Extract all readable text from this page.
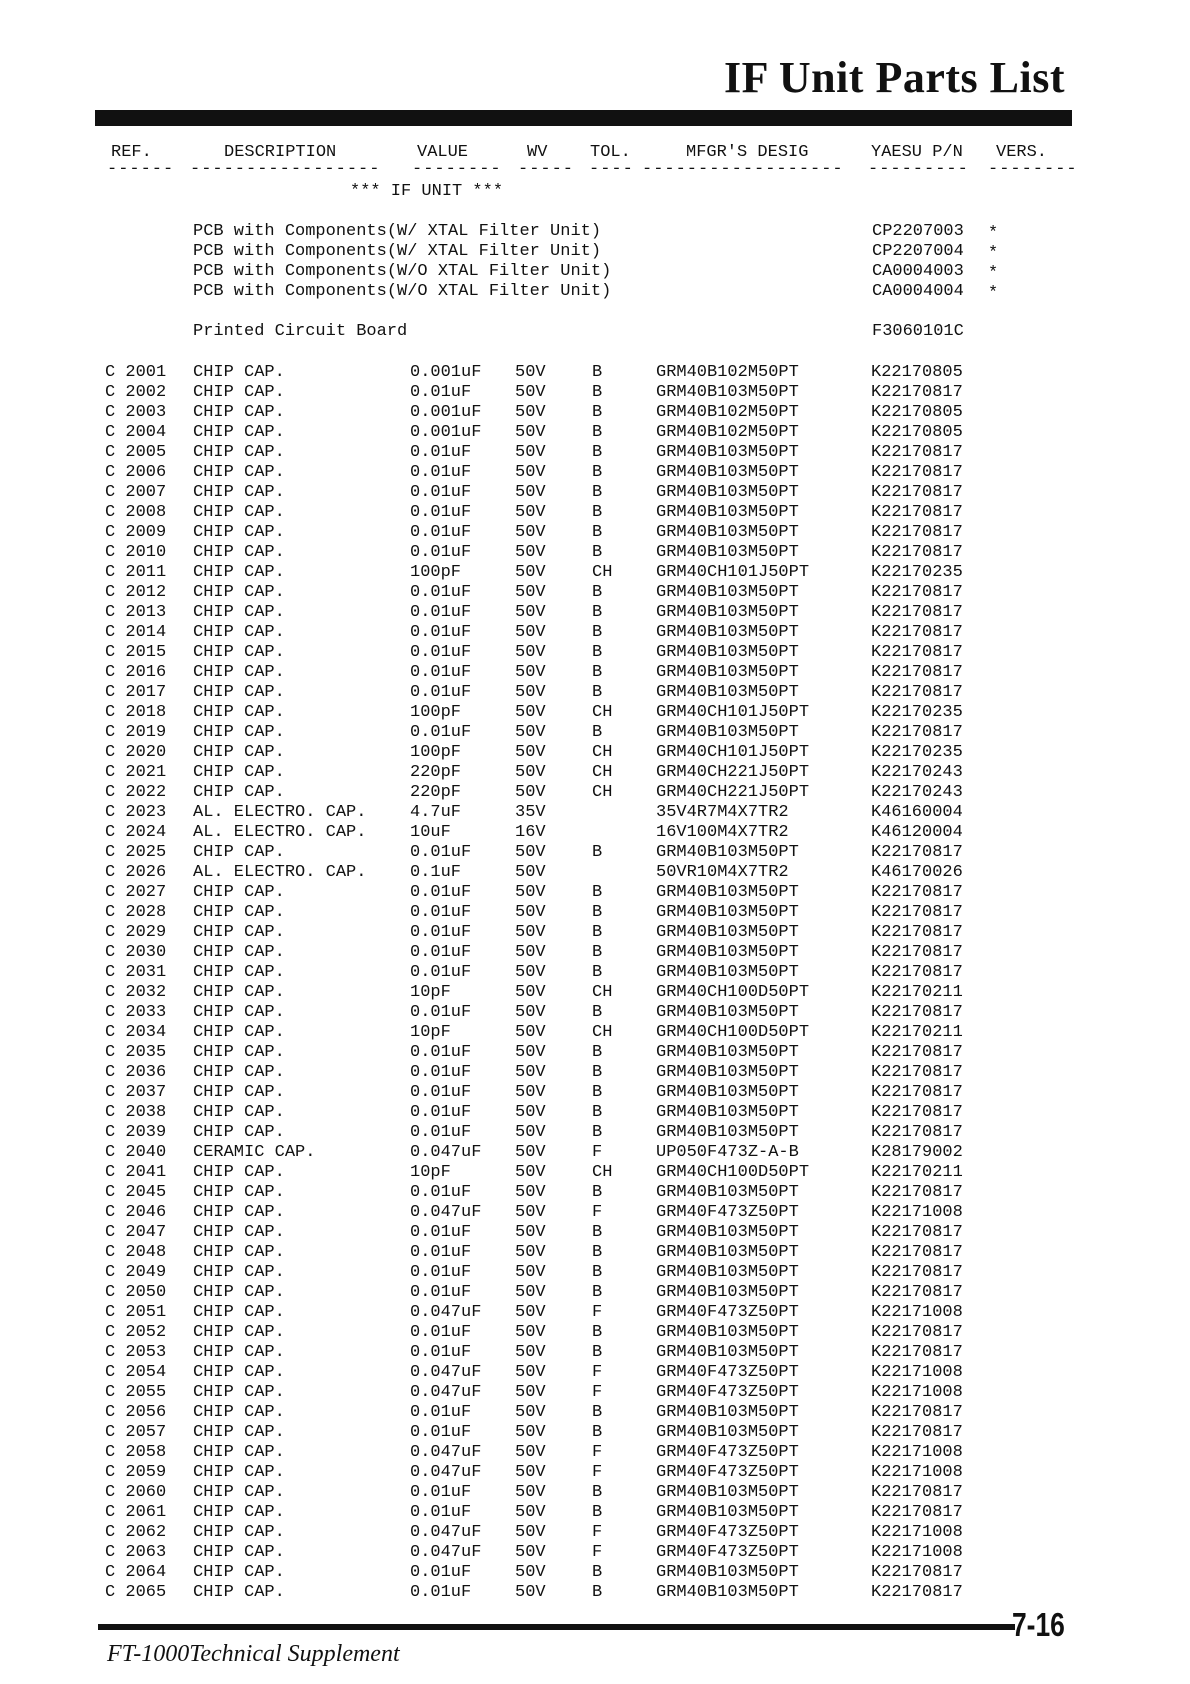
IF Unit Parts List
REF.	DESCRIPTION	VALUE	WV	TOL.	MFGR'S DESIG	YAESU P/N VERS.
------ ----------------- -------- ----- ---- ------------------ --------- --------
*** IF UNIT ***
PCB with Components(W/ XTAL Filter Unit)	CP2207003 *
PCB with Components(W/ XTAL Filter Unit)	CP2207004 *
PCB with Components(W/O XTAL Filter Unit)	CA0004003 *
PCB with Components(W/O XTAL Filter Unit)	CA0004004 *
Printed Circuit Board	F3060101C
C 2001 CHIP CAP.	0.001uF 50V	B	GRM40B102M50PT	K22170805
C 2002 CHIP CAP.	0.01uF	50V	B	GRM40B103M50PT	K22170817
C 2003 CHIP CAP.	0.001uF 50V	B	GRM40B102M50PT	K22170805
C 2004 CHIP CAP.	0.001uF 50V	B	GRM40B102M50PT	K22170805
C 2005 CHIP CAP.	0.01uF	50V	B	GRM40B103M50PT	K22170817
C 2006 CHIP CAP.	0.01uF	50V	B	GRM40B103M50PT	K22170817
C 2007 CHIP CAP.	0.01uF	50V	B	GRM40B103M50PT	K22170817
C 2008 CHIP CAP.	0.01uF	50V	B	GRM40B103M50PT	K22170817
C 2009 CHIP CAP.	0.01uF	50V	B	GRM40B103M50PT	K22170817
C 2010 CHIP CAP.	0.01uF	50V	B	GRM40B103M50PT	K22170817
C 2011 CHIP CAP.	100pF	50V	CH	GRM40CH101J50PT	K22170235
C 2012 CHIP CAP.	0.01uF	50V	B	GRM40B103M50PT	K22170817
C 2013 CHIP CAP.	0.01uF	50V	B	GRM40B103M50PT	K22170817
C 2014 CHIP CAP.	0.01uF	50V	B	GRM40B103M50PT	K22170817
C 2015 CHIP CAP.	0.01uF	50V	B	GRM40B103M50PT	K22170817
C 2016 CHIP CAP.	0.01uF	50V	B	GRM40B103M50PT	K22170817
C 2017 CHIP CAP.	0.01uF	50V	B	GRM40B103M50PT	K22170817
C 2018 CHIP CAP.	100pF	50V	CH	GRM40CH101J50PT	K22170235
C 2019 CHIP CAP.	0.01uF	50V	B	GRM40B103M50PT	K22170817
C 2020 CHIP CAP.	100pF	50V	CH	GRM40CH101J50PT	K22170235
C 2021 CHIP CAP.	220pF	50V	CH	GRM40CH221J50PT	K22170243
C 2022 CHIP CAP.	220pF	50V	CH	GRM40CH221J50PT	K22170243
C 2023 AL. ELECTRO. CAP.	4.7uF	35V	35V4R7M4X7TR2	K46160004
C 2024 AL. ELECTRO. CAP.	10uF	16V	16V100M4X7TR2	K46120004
C 2025 CHIP CAP.	0.01uF	50V	B	GRM40B103M50PT	K22170817
C 2026 AL. ELECTRO. CAP.	0.1uF	50V	50VR10M4X7TR2	K46170026
C 2027 CHIP CAP.	0.01uF	50V	B	GRM40B103M50PT	K22170817
C 2028 CHIP CAP.	0.01uF	50V	B	GRM40B103M50PT	K22170817
C 2029 CHIP CAP.	0.01uF	50V	B	GRM40B103M50PT	K22170817
C 2030 CHIP CAP.	0.01uF	50V	B	GRM40B103M50PT	K22170817
C 2031 CHIP CAP.	0.01uF	50V	B	GRM40B103M50PT	K22170817
C 2032 CHIP CAP.	10pF	50V	CH	GRM40CH100D50PT	K22170211
C 2033 CHIP CAP.	0.01uF	50V	B	GRM40B103M50PT	K22170817
C 2034 CHIP CAP.	10pF	50V	CH	GRM40CH100D50PT	K22170211
C 2035 CHIP CAP.	0.01uF	50V	B	GRM40B103M50PT	K22170817
C 2036 CHIP CAP.	0.01uF	50V	B	GRM40B103M50PT	K22170817
C 2037 CHIP CAP.	0.01uF	50V	B	GRM40B103M50PT	K22170817
C 2038 CHIP CAP.	0.01uF	50V	B	GRM40B103M50PT	K22170817
C 2039 CHIP CAP.	0.01uF	50V	B	GRM40B103M50PT	K22170817
C 2040 CERAMIC CAP.	0.047uF 50V	F	UP050F473Z-A-B	K28179002
C 2041 CHIP CAP.	10pF	50V	CH	GRM40CH100D50PT	K22170211
C 2045 CHIP CAP.	0.01uF	50V	B	GRM40B103M50PT	K22170817
C 2046 CHIP CAP.	0.047uF 50V	F	GRM40F473Z50PT	K22171008
C 2047 CHIP CAP.	0.01uF	50V	B	GRM40B103M50PT	K22170817
C 2048 CHIP CAP.	0.01uF	50V	B	GRM40B103M50PT	K22170817
C 2049 CHIP CAP.	0.01uF	50V	B	GRM40B103M50PT	K22170817
C 2050 CHIP CAP.	0.01uF	50V	B	GRM40B103M50PT	K22170817
C 2051 CHIP CAP.	0.047uF 50V	F	GRM40F473Z50PT	K22171008
C 2052 CHIP CAP.	0.01uF	50V	B	GRM40B103M50PT	K22170817
C 2053 CHIP CAP.	0.01uF	50V	B	GRM40B103M50PT	K22170817
C 2054 CHIP CAP.	0.047uF 50V	F	GRM40F473Z50PT	K22171008
C 2055 CHIP CAP.	0.047uF 50V	F	GRM40F473Z50PT	K22171008
C 2056 CHIP CAP.	0.01uF	50V	B	GRM40B103M50PT	K22170817
C 2057 CHIP CAP.	0.01uF	50V	B	GRM40B103M50PT	K22170817
C 2058 CHIP CAP.	0.047uF 50V	F	GRM40F473Z50PT	K22171008
C 2059 CHIP CAP.	0.047uF 50V	F	GRM40F473Z50PT	K22171008
C 2060 CHIP CAP.	0.01uF	50V	B	GRM40B103M50PT	K22170817
C 2061 CHIP CAP.	0.01uF	50V	B	GRM40B103M50PT	K22170817
C 2062 CHIP CAP.	0.047uF 50V	F	GRM40F473Z50PT	K22171008
C 2063 CHIP CAP.	0.047uF 50V	F	GRM40F473Z50PT	K22171008
C 2064 CHIP CAP.	0.01uF	50V	B	GRM40B103M50PT	K22170817
C 2065 CHIP CAP.	0.01uF	50V	B	GRM40B103M50PT	K22170817
7-16
FT-1000Technical Supplement
